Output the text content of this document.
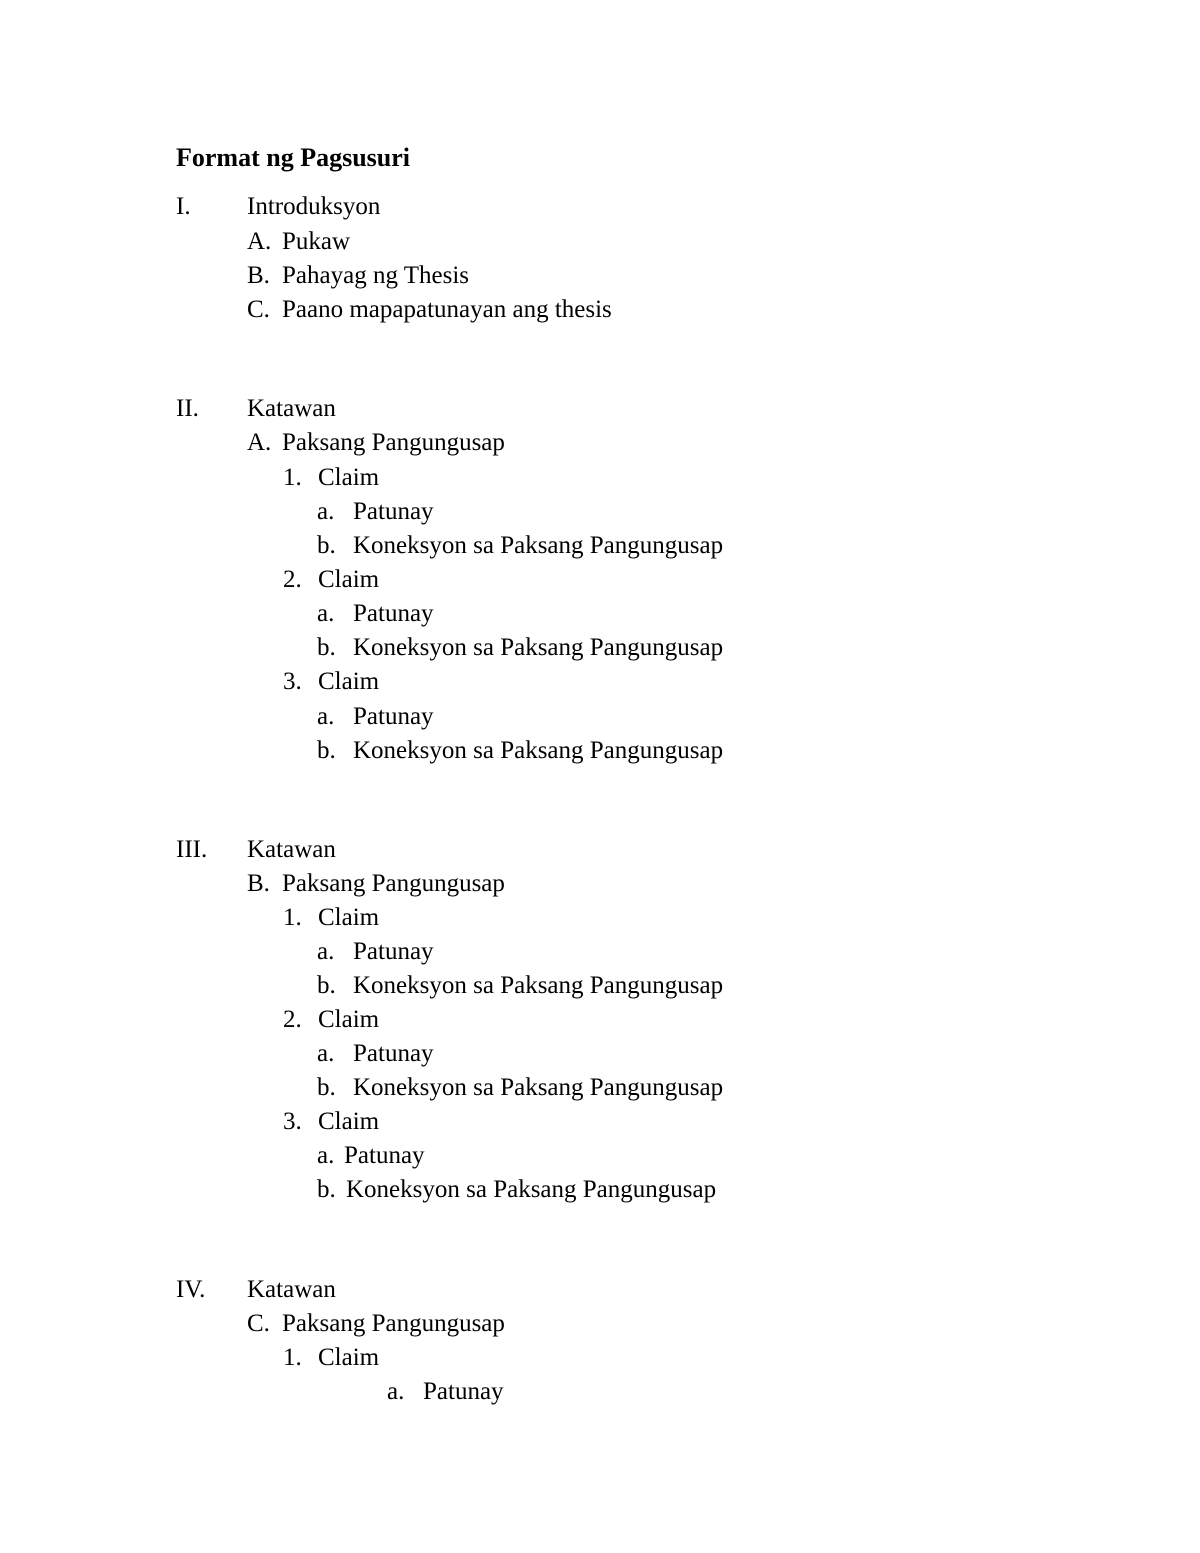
Format ng Pagsusuri
I. Introduksyon
A. Pukaw
B. Pahayag ng Thesis
C. Paano mapapatunayan ang thesis
II. Katawan
A. Paksang Pangungusap
1. Claim
a. Patunay
b. Koneksyon sa Paksang Pangungusap
2. Claim
a. Patunay
b. Koneksyon sa Paksang Pangungusap
3. Claim
a. Patunay
b. Koneksyon sa Paksang Pangungusap
III. Katawan
B. Paksang Pangungusap
1. Claim
a. Patunay
b. Koneksyon sa Paksang Pangungusap
2. Claim
a. Patunay
b. Koneksyon sa Paksang Pangungusap
3. Claim
a. Patunay
b. Koneksyon sa Paksang Pangungusap
IV. Katawan
C. Paksang Pangungusap
1. Claim
a. Patunay
